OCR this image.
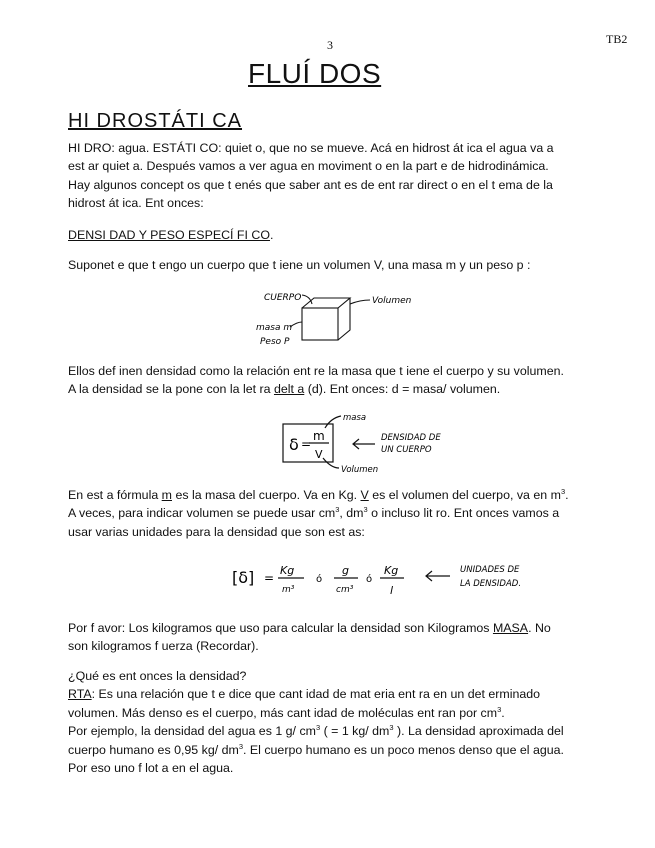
3	TB2
FLUÍ DOS
HI DROSTÁTI CA
HI DRO: agua. ESTÁTI CO: quiet o, que no se mueve. Acá en hidrost át ica el agua va a
est ar quiet a. Después vamos a ver agua en moviment o en la part e de hidrodinámica.
Hay algunos concept os que t enés que saber ant es de ent rar direct o en el t ema de la
hidrost át ica. Ent onces:
DENSI DAD Y PESO ESPECÍ FI CO.
Suponet e que t engo un cuerpo que t iene un volumen V, una masa m y un peso p :
CUERPO	Volumen
masa m
Peso P
Ellos def inen densidad como la relación ent re la masa que t iene el cuerpo y su volumen.
A la densidad se la pone con la let ra delt a (d). Ent onces: d = masa/ volumen.
δ =
m
V
masa
Volumen
DENSIDAD DE
UN CUERPO
En est a fórmula m es la masa del cuerpo. Va en Kg. V es el volumen del cuerpo, va en $m^3$.
A veces, para indicar volumen se puede usar $cm^3$, $dm^3$ o incluso lit ro. Ent onces vamos a
usar varias unidades para la densidad que son est as:
[δ] =
Kg
m³
ó
g
cm³
ó
Kg
l
UNIDADES DE
LA DENSIDAD.
Por f avor: Los kilogramos que uso para calcular la densidad son Kilogramos MASA. No
son kilogramos f uerza (Recordar).
¿Qué es ent onces la densidad?
RTA: Es una relación que t e dice que cant idad de mat eria ent ra en un det erminado
volumen. Más denso es el cuerpo, más cant idad de moléculas ent ran por $cm^3$.
Por ejemplo, la densidad del agua es 1 g/ $cm^3$ ( = 1 kg/ $dm^3$ ). La densidad aproximada del
cuerpo humano es 0,95 kg/ $dm^3$. El cuerpo humano es un poco menos denso que el agua.
Por eso uno f lot a en el agua.
